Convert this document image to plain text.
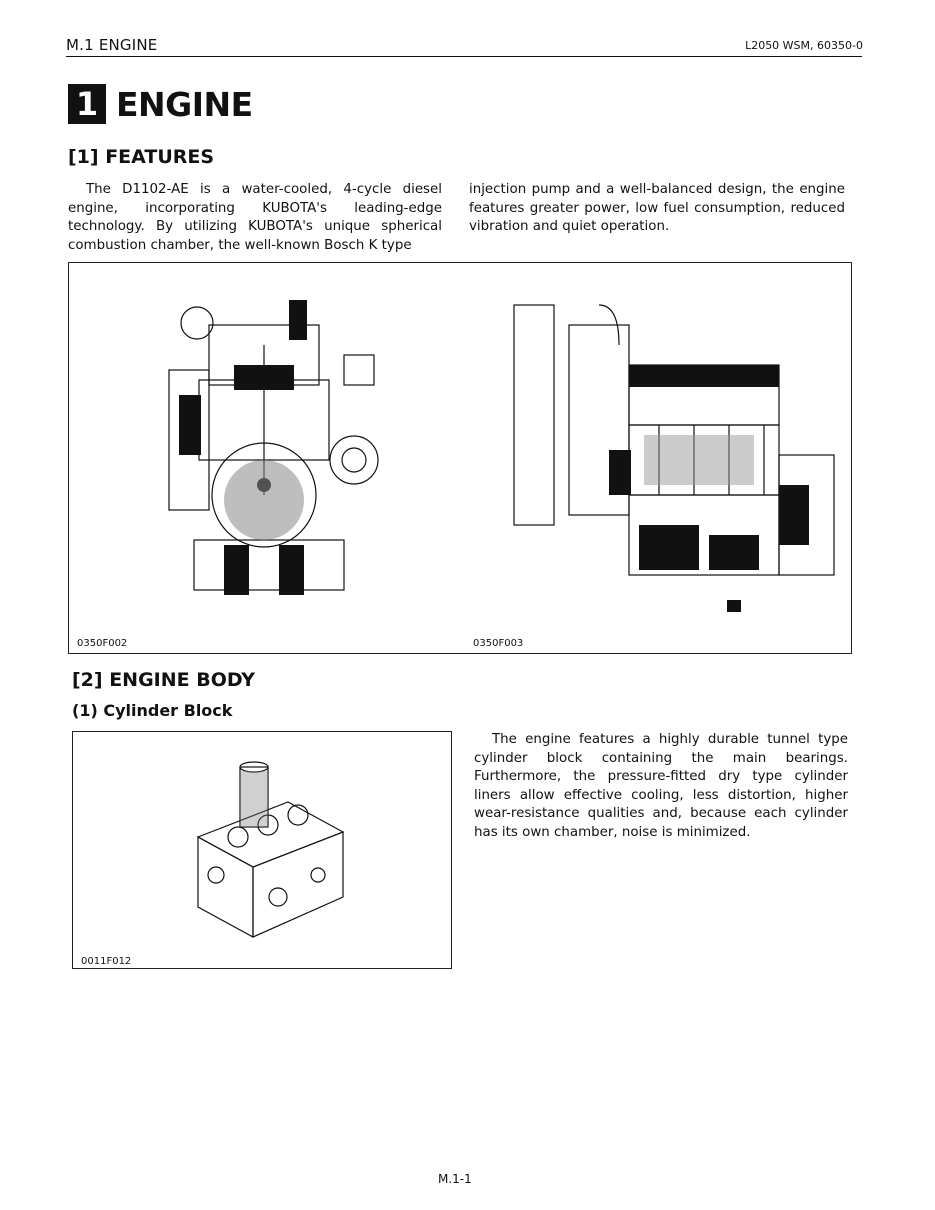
M.1 ENGINE	L2050 WSM, 60350-0
1 ENGINE
[1] FEATURES
The D1102-AE is a water-cooled, 4-cycle diesel engine, incorporating KUBOTA's leading-edge technology. By utilizing KUBOTA's unique spherical combustion chamber, the well-known Bosch K type
injection pump and a well-balanced design, the engine features greater power, low fuel consumption, reduced vibration and quiet operation.
0350F002	0350F003
[2] ENGINE BODY
(1) Cylinder Block
0011F012
The engine features a highly durable tunnel type cylinder block containing the main bearings. Furthermore, the pressure-fitted dry type cylinder liners allow effective cooling, less distortion, higher wear-resistance qualities and, because each cylinder has its own chamber, noise is minimized.
M.1-1
